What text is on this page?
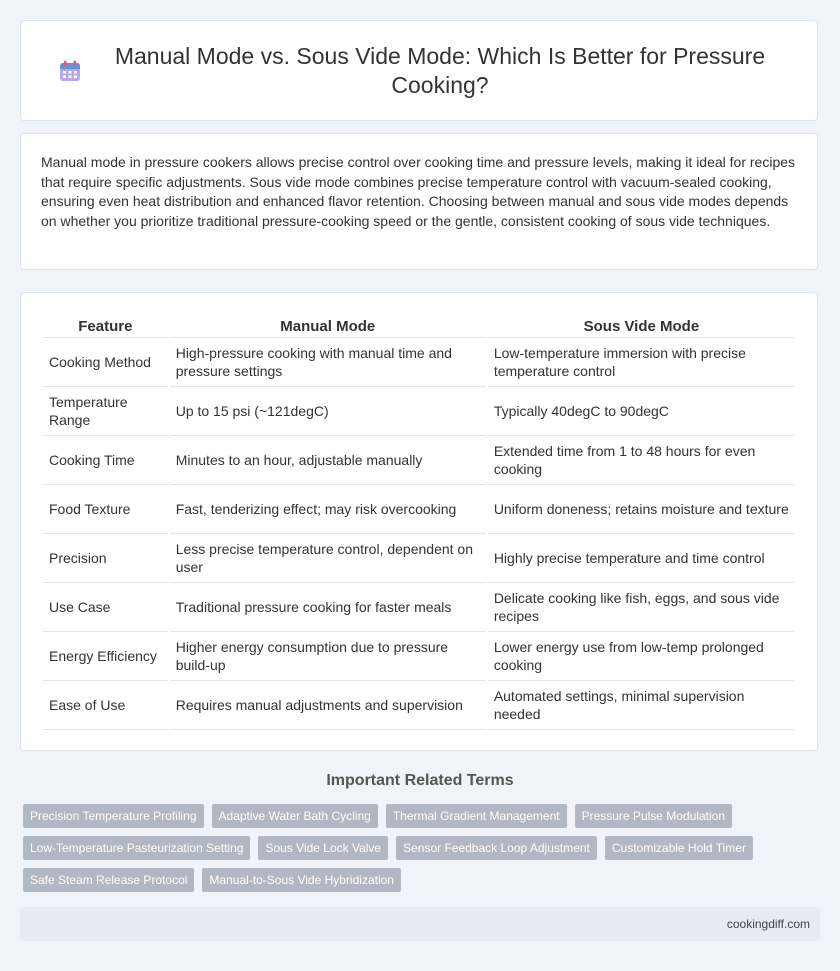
Manual Mode vs. Sous Vide Mode: Which Is Better for Pressure Cooking?

Manual mode in pressure cookers allows precise control over cooking time and pressure levels, making it ideal for recipes that require specific adjustments. Sous vide mode combines precise temperature control with vacuum-sealed cooking, ensuring even heat distribution and enhanced flavor retention. Choosing between manual and sous vide modes depends on whether you prioritize traditional pressure-cooking speed or the gentle, consistent cooking of sous vide techniques.

Feature	Manual Mode	Sous Vide Mode
Cooking Method	High-pressure cooking with manual time and pressure settings	Low-temperature immersion with precise temperature control
Temperature Range	Up to 15 psi (~121degC)	Typically 40degC to 90degC
Cooking Time	Minutes to an hour, adjustable manually	Extended time from 1 to 48 hours for even cooking
Food Texture	Fast, tenderizing effect; may risk overcooking	Uniform doneness; retains moisture and texture
Precision	Less precise temperature control, dependent on user	Highly precise temperature and time control
Use Case	Traditional pressure cooking for faster meals	Delicate cooking like fish, eggs, and sous vide recipes
Energy Efficiency	Higher energy consumption due to pressure build-up	Lower energy use from low-temp prolonged cooking
Ease of Use	Requires manual adjustments and supervision	Automated settings, minimal supervision needed
Important Related Terms
Precision Temperature Profiling	Adaptive Water Bath Cycling	Thermal Gradient Management	Pressure Pulse Modulation
Low-Temperature Pasteurization Setting	Sous Vide Lock Valve	Sensor Feedback Loop Adjustment	Customizable Hold Timer
Safe Steam Release Protocol	Manual-to-Sous Vide Hybridization
cookingdiff.com
